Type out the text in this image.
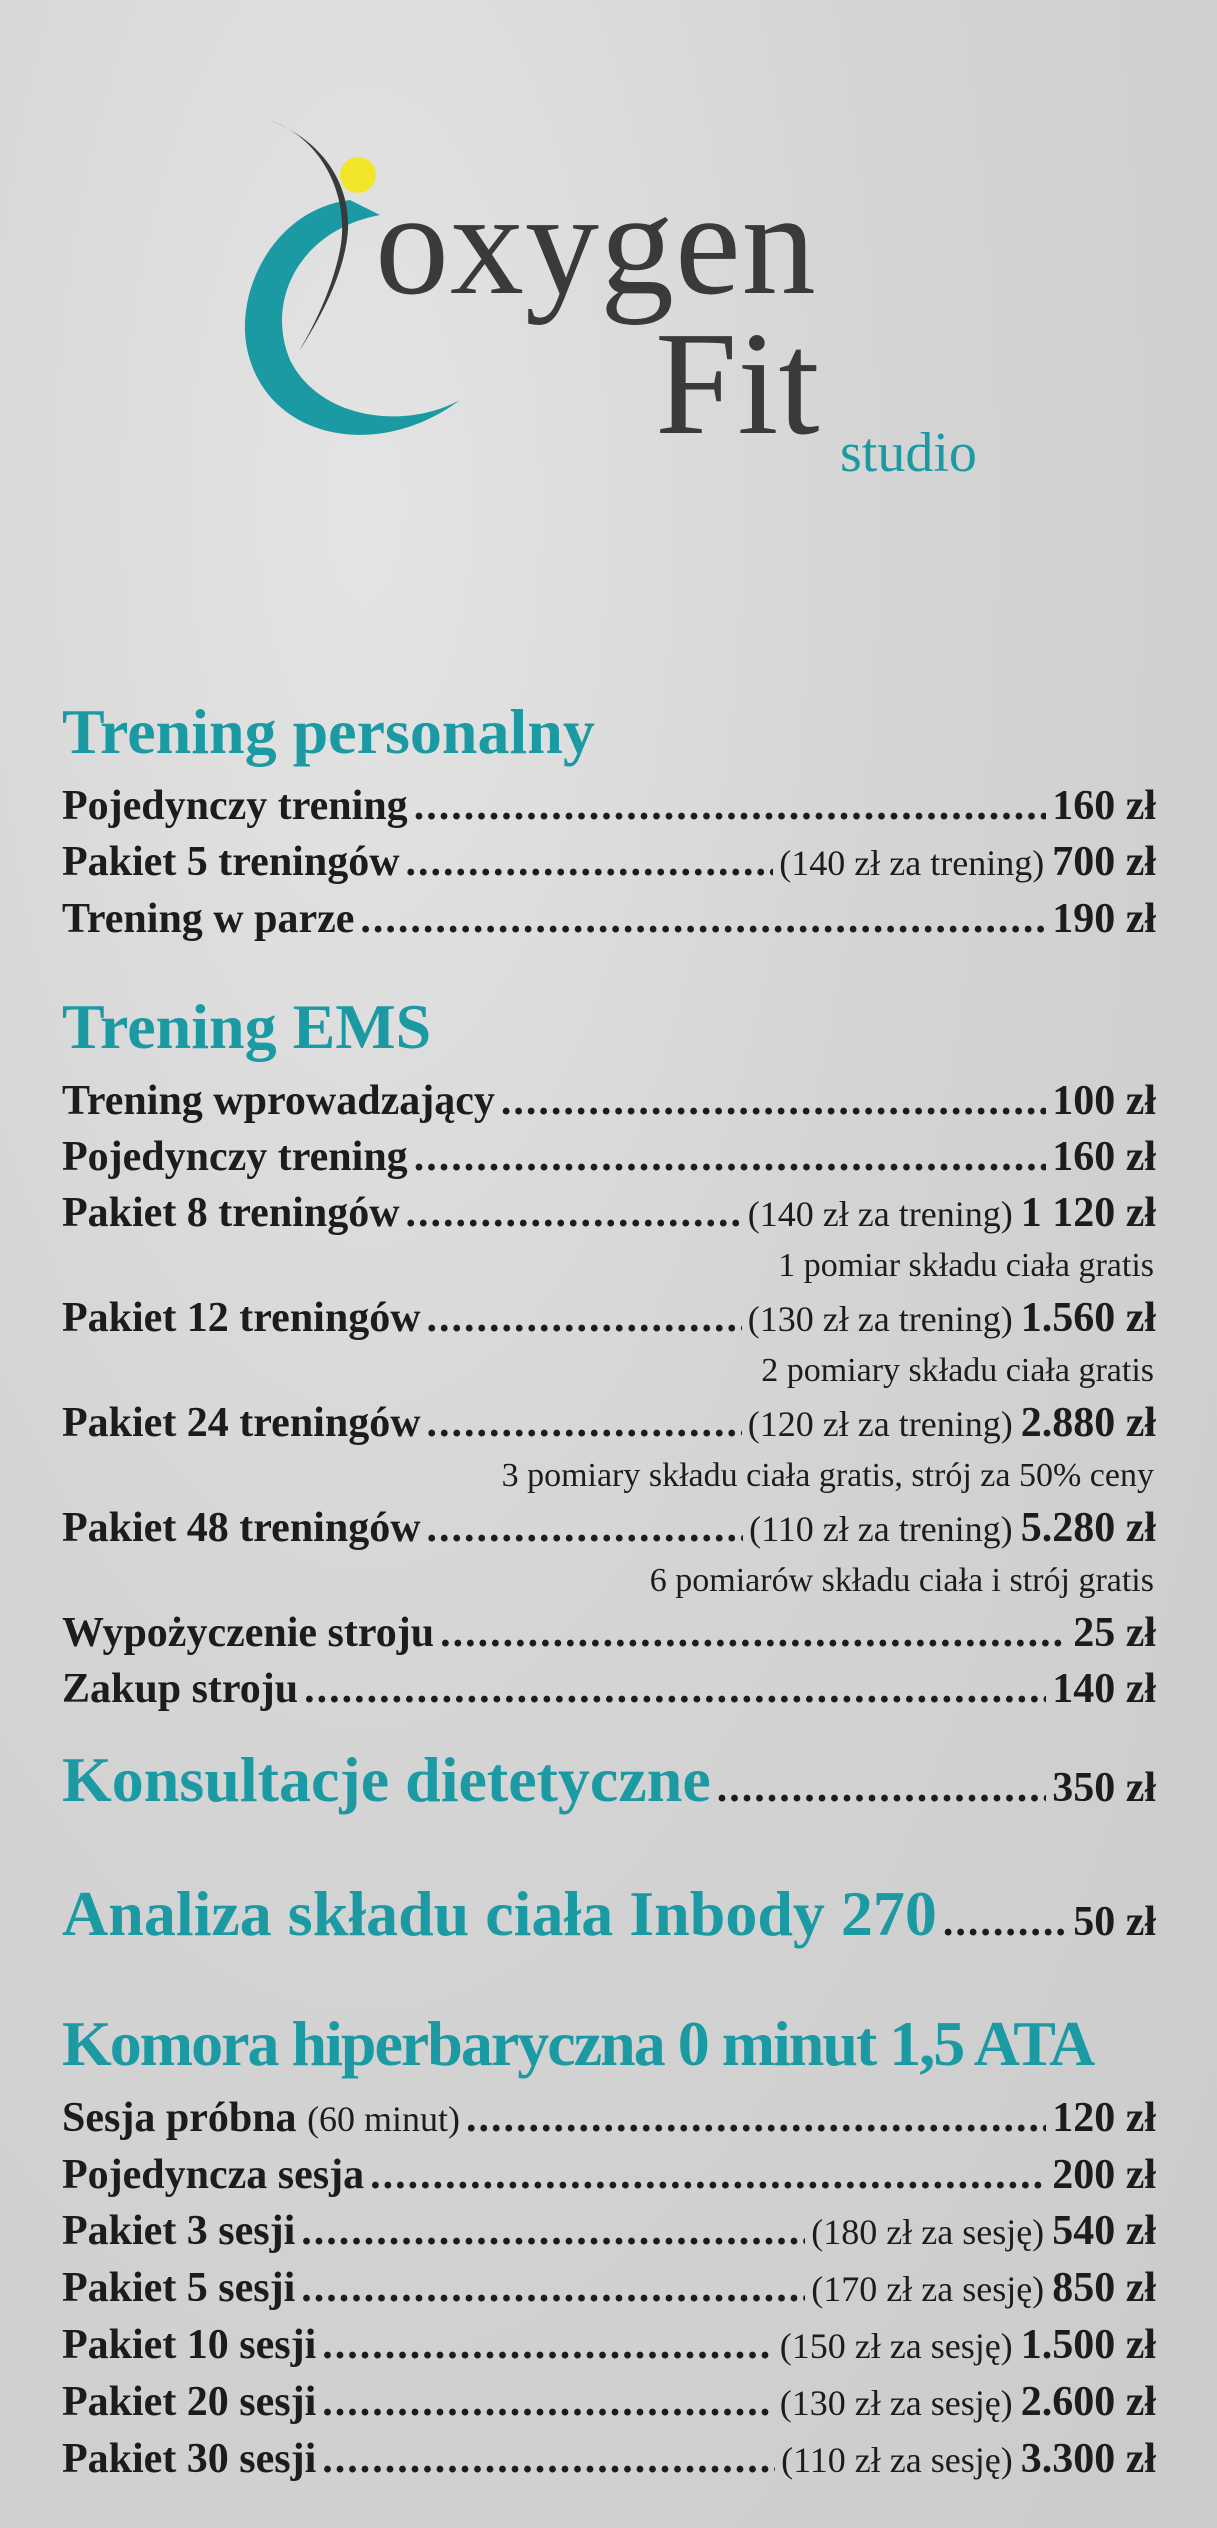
oxygen
Fit studio
Trening personalny
Pojedynczy trening .....	160 zł
Pakiet 5 treningów .....	(140 zł za trening) 700 zł
Trening w parze .....	190 zł
Trening EMS
Trening wprowadzający .....	100 zł
Pojedynczy trening .....	160 zł
Pakiet 8 treningów .....	(140 zł za trening) 1 120 zł
1 pomiar składu ciała gratis
Pakiet 12 treningów .....	(130 zł za trening) 1.560 zł
2 pomiary składu ciała gratis
Pakiet 24 treningów .....	(120 zł za trening) 2.880 zł
3 pomiary składu ciała gratis, strój za 50% ceny
Pakiet 48 treningów .....	(110 zł za trening) 5.280 zł
6 pomiarów składu ciała i strój gratis
Wypożyczenie stroju .....	25 zł
Zakup stroju .....	140 zł
Konsultacje dietetyczne .....	350 zł
Analiza składu ciała Inbody 270 .....	50 zł
Komora hiperbaryczna 0 minut 1,5 ATA
Sesja próbna (60 minut) .....	120 zł
Pojedyncza sesja .....	200 zł
Pakiet 3 sesji .....	(180 zł za sesję) 540 zł
Pakiet 5 sesji .....	(170 zł za sesję) 850 zł
Pakiet 10 sesji .....	(150 zł za sesję) 1.500 zł
Pakiet 20 sesji .....	(130 zł za sesję) 2.600 zł
Pakiet 30 sesji .....	(110 zł za sesję) 3.300 zł
